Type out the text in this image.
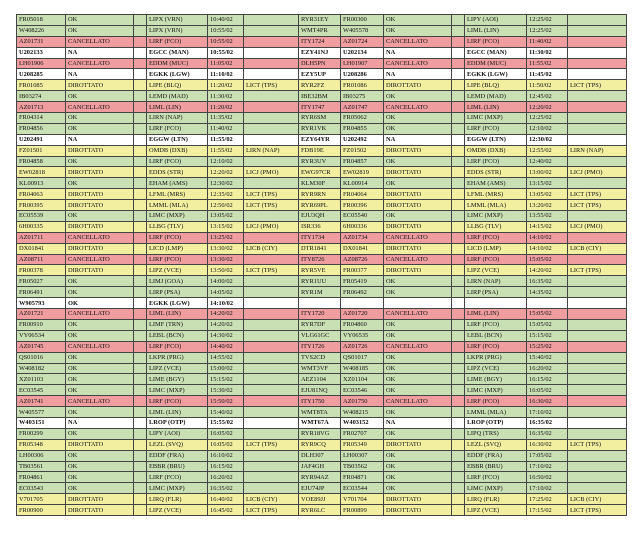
FR05018	OK		LIPX (VRN)	10:40/02		RYR31EY	FR00300	OK		LIPY (AOI)	12:25/02	
W408226	OK		LIPX (VRN)	10:55/02		WMT4PR	W405578	OK		LIML (LIN)	12:25/02	
AZ01731	CANCELLATO		LIRF (FCO)	10:55/02		ITY1724	AZ01724	CANCELLATO		LIRF (FCO)	11:40/02	
U202133	NA		EGCC (MAN)	10:55/02		EZY41NJ	U202134	NA		EGCC (MAN)	11:30/02	
LH01906	CANCELLATO		EDDM (MUC)	11:05/02		DLH5PN	LH01907	CANCELLATO		EDDM (MUC)	11:55/02	
U208285	NA		EGKK (LGW)	11:10/02		EZY5UP	U208286	NA		EGKK (LGW)	11:45/02	
FR01085	DIROTTATO		LIPE (BLQ)	11:20/02	LICT (TPS)	RYR2FZ	FR01086	DIROTTATO		LIPE (BLQ)	11:50/02	LICT (TPS)
IB03274	OK		LEMD (MAD)	11:30/02		IBE32BM	IB03275	OK		LEMD (MAD)	12:45/02	
AZ01713	CANCELLATO		LIML (LIN)	11:20/02		ITY1747	AZ01747	CANCELLATO		LIML (LIN)	12:20/02	
FR04314	OK		LIRN (NAP)	11:35/02		RYR6SM	FR05062	OK		LIMC (MXP)	12:25/02	
FR04856	OK		LIRF (FCO)	11:40/02		RYR1VK	FR04855	OK		LIRF (FCO)	12:10/02	
U202491	NA		EGGW (LTN)	11:55/02		EZY64YR	U202492	NA		EGGW (LTN)	12:30/02	
FZ01501	DIROTTATO		OMDB (DXB)	11:55/02	LIRN (NAP)	FDB19E	FZ01502	DIROTTATO		OMDB (DXB)	12:55/02	LIRN (NAP)
FR04858	OK		LIRF (FCO)	12:10/02		RYR3UV	FR04857	OK		LIRF (FCO)	12:40/02	
EW02818	DIROTTATO		EDDS (STR)	12:20/02	LICJ (PMO)	EWG97CR	EW02819	DIROTTATO		EDDS (STR)	13:00/02	LICJ (PMO)
KL00913	OK		EHAM (AMS)	12:30/02		KLM30F	KL00914	OK		EHAM (AMS)	13:15/02	
FR04063	DIROTTATO		LFML (MRS)	12:35/02	LICT (TPS)	RYR9RN	FR04064	DIROTTATO		LFML (MRS)	13:05/02	LICT (TPS)
FR00395	DIROTTATO		LMML (MLA)	12:50/02	LICT (TPS)	RYR69PL	FR00396	DIROTTATO		LMML (MLA)	13:20/02	LICT (TPS)
EC05539	OK		LIMC (MXP)	13:05/02		EJU3QH	EC05540	OK		LIMC (MXP)	13:55/02	
6H00335	DIROTTATO		LLBG (TLV)	13:15/02	LICJ (PMO)	ISR336	6H00336	DIROTTATO		LLBG (TLV)	14:15/02	LICJ (PMO)
AZ01711	CANCELLATO		LIRF (FCO)	13:25/02		ITY1734	AZ01734	CANCELLATO		LIRF (FCO)	14:10/02	
DX01841	DIROTTATO		LICD (LMP)	13:30/02	LICB (CIY)	DTR1841	DX01841	DIROTTATO		LICD (LMP)	14:10/02	LICB (CIY)
AZ08711	CANCELLATO		LIRF (FCO)	13:30/02		ITY8726	AZ08726	CANCELLATO		LIRF (FCO)	15:05/02	
FR00378	DIROTTATO		LIPZ (VCE)	13:50/02	LICT (TPS)	RYR5VE	FR00377	DIROTTATO		LIPZ (VCE)	14:20/02	LICT (TPS)
FR05027	OK		LIMJ (GOA)	14:00/02		RYR1UU	FR05419	OK		LIRN (NAP)	16:35/02	
FR06491	OK		LIRP (PSA)	14:05/02		RYR1M	FR06492	OK		LIRP (PSA)	14:35/02	
W905793	OK		EGKK (LGW)	14:10/02								
AZ01721	CANCELLATO		LIML (LIN)	14:20/02		ITY1720	AZ01720	CANCELLATO		LIML (LIN)	15:05/02	
FR00910	OK		LIMF (TRN)	14:20/02		RYR7DF	FR04860	OK		LIRF (FCO)	15:05/02	
VY06534	OK		LEBL (BCN)	14:30/02		VLG61GC	VY06535	OK		LEBL (BCN)	15:15/02	
AZ01745	CANCELLATO		LIRF (FCO)	14:40/02		ITY1726	AZ01726	CANCELLATO		LIRF (FCO)	15:25/02	
QS01016	OK		LKPR (PRG)	14:55/02		TVS2CD	QS01017	OK		LKPR (PRG)	15:40/02	
W408182	OK		LIPZ (VCE)	15:00/02		WMT3VF	W408185	OK		LIPZ (VCE)	16:20/02	
XZ01103	OK		LIME (BGY)	15:15/02		AEZ1104	XZ01104	OK		LIME (BGY)	16:15/02	
EC03545	OK		LIMC (MXP)	15:30/02		EJU81NQ	EC03546	OK		LIMC (MXP)	16:05/02	
AZ01741	CANCELLATO		LIRF (FCO)	15:50/02		ITY1750	AZ01750	CANCELLATO		LIRF (FCO)	16:30/02	
W405577	OK		LIML (LIN)	15:40/02		WMT8TA	W408215	OK		LMML (MLA)	17:10/02	
W403151	NA		LROP (OTP)	15:55/02		WMT67A	W403152	NA		LROP (OTP)	16:35/02	
FR00299	OK		LIPY (AOI)	16:05/02		RYR18VG	FR02707	OK		LIPQ (TRS)	16:35/02	
FR05348	DIROTTATO		LEZL (SVQ)	16:05/02	LICT (TPS)	RYR9CQ	FR05349	DIROTTATO		LEZL (SVQ)	16:30/02	LICT (TPS)
LH00306	OK		EDDF (FRA)	16:10/02		DLH307	LH00307	OK		EDDF (FRA)	17:05/02	
TB03561	OK		EBBR (BRU)	16:15/02		JAF4GH	TB03562	OK		EBBR (BRU)	17:10/02	
FR04861	OK		LIRF (FCO)	16:20/02		RYR94AZ	FR04871	OK		LIRF (FCO)	16:50/02	
EC03543	OK		LIMC (MXP)	16:35/02		EJU74JP	EC03544	OK		LIMC (MXP)	17:10/02	
V701705	DIROTTATO		LIRQ (FLR)	16:40/02	LICB (CIY)	VOE89JJ	V701704	DIROTTATO		LIRQ (FLR)	17:25/02	LICB (CIY)
FR00900	DIROTTATO		LIPZ (VCE)	16:45/02	LICT (TPS)	RYR6LC	FR00899	DIROTTATO		LIPZ (VCE)	17:15/02	LICT (TPS)
